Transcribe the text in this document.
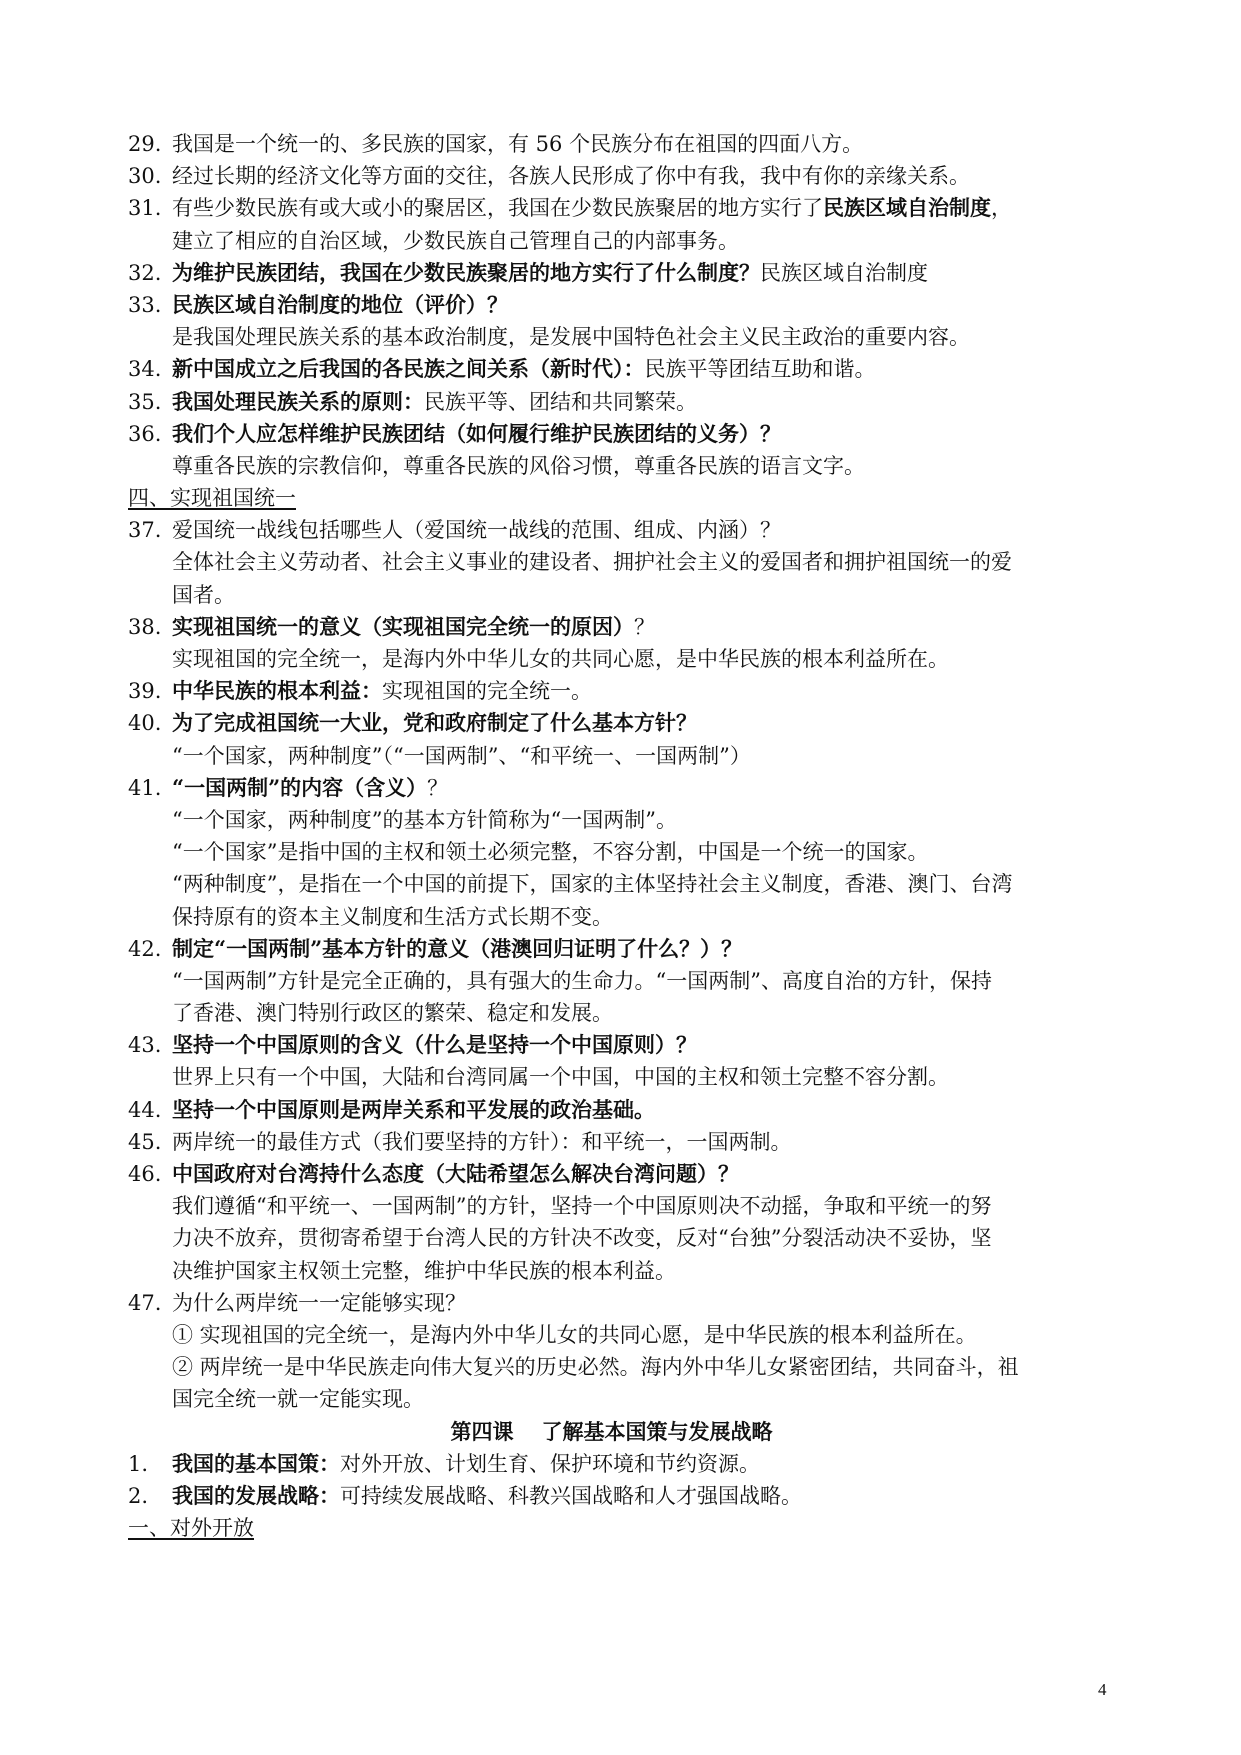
29. 我国是一个统一的、多民族的国家，有 56 个民族分布在祖国的四面八方。
30. 经过长期的经济文化等方面的交往，各族人民形成了你中有我，我中有你的亲缘关系。
31. 有些少数民族有或大或小的聚居区，我国在少数民族聚居的地方实行了民族区域自治制度，
建立了相应的自治区域，少数民族自己管理自己的内部事务。
32. 为维护民族团结，我国在少数民族聚居的地方实行了什么制度？民族区域自治制度
33. 民族区域自治制度的地位（评价）？
是我国处理民族关系的基本政治制度，是发展中国特色社会主义民主政治的重要内容。
34. 新中国成立之后我国的各民族之间关系（新时代）：民族平等团结互助和谐。
35. 我国处理民族关系的原则：民族平等、团结和共同繁荣。
36. 我们个人应怎样维护民族团结（如何履行维护民族团结的义务）？
尊重各民族的宗教信仰，尊重各民族的风俗习惯，尊重各民族的语言文字。
四、实现祖国统一
37. 爱国统一战线包括哪些人（爱国统一战线的范围、组成、内涵）？
全体社会主义劳动者、社会主义事业的建设者、拥护社会主义的爱国者和拥护祖国统一的爱
国者。
38. 实现祖国统一的意义（实现祖国完全统一的原因）？
实现祖国的完全统一，是海内外中华儿女的共同心愿，是中华民族的根本利益所在。
39. 中华民族的根本利益：实现祖国的完全统一。
40. 为了完成祖国统一大业，党和政府制定了什么基本方针？
“一个国家，两种制度”（“一国两制”、“和平统一、一国两制”）
41. “一国两制”的内容（含义）？
“一个国家，两种制度”的基本方针简称为“一国两制”。
“一个国家”是指中国的主权和领土必须完整，不容分割，中国是一个统一的国家。
“两种制度”，是指在一个中国的前提下，国家的主体坚持社会主义制度，香港、澳门、台湾
保持原有的资本主义制度和生活方式长期不变。
42. 制定“一国两制”基本方针的意义（港澳回归证明了什么？）？
“一国两制”方针是完全正确的，具有强大的生命力。“一国两制”、高度自治的方针，保持
了香港、澳门特别行政区的繁荣、稳定和发展。
43. 坚持一个中国原则的含义（什么是坚持一个中国原则）？
世界上只有一个中国，大陆和台湾同属一个中国，中国的主权和领土完整不容分割。
44. 坚持一个中国原则是两岸关系和平发展的政治基础。
45. 两岸统一的最佳方式（我们要坚持的方针）：和平统一，一国两制。
46. 中国政府对台湾持什么态度（大陆希望怎么解决台湾问题）？
我们遵循“和平统一、一国两制”的方针，坚持一个中国原则决不动摇，争取和平统一的努
力决不放弃，贯彻寄希望于台湾人民的方针决不改变，反对“台独”分裂活动决不妥协，坚
决维护国家主权领土完整，维护中华民族的根本利益。
47. 为什么两岸统一一定能够实现？
① 实现祖国的完全统一，是海内外中华儿女的共同心愿，是中华民族的根本利益所在。
② 两岸统一是中华民族走向伟大复兴的历史必然。海内外中华儿女紧密团结，共同奋斗，祖
国完全统一就一定能实现。
第四课 了解基本国策与发展战略
1. 我国的基本国策：对外开放、计划生育、保护环境和节约资源。
2. 我国的发展战略：可持续发展战略、科教兴国战略和人才强国战略。
一、对外开放
4
